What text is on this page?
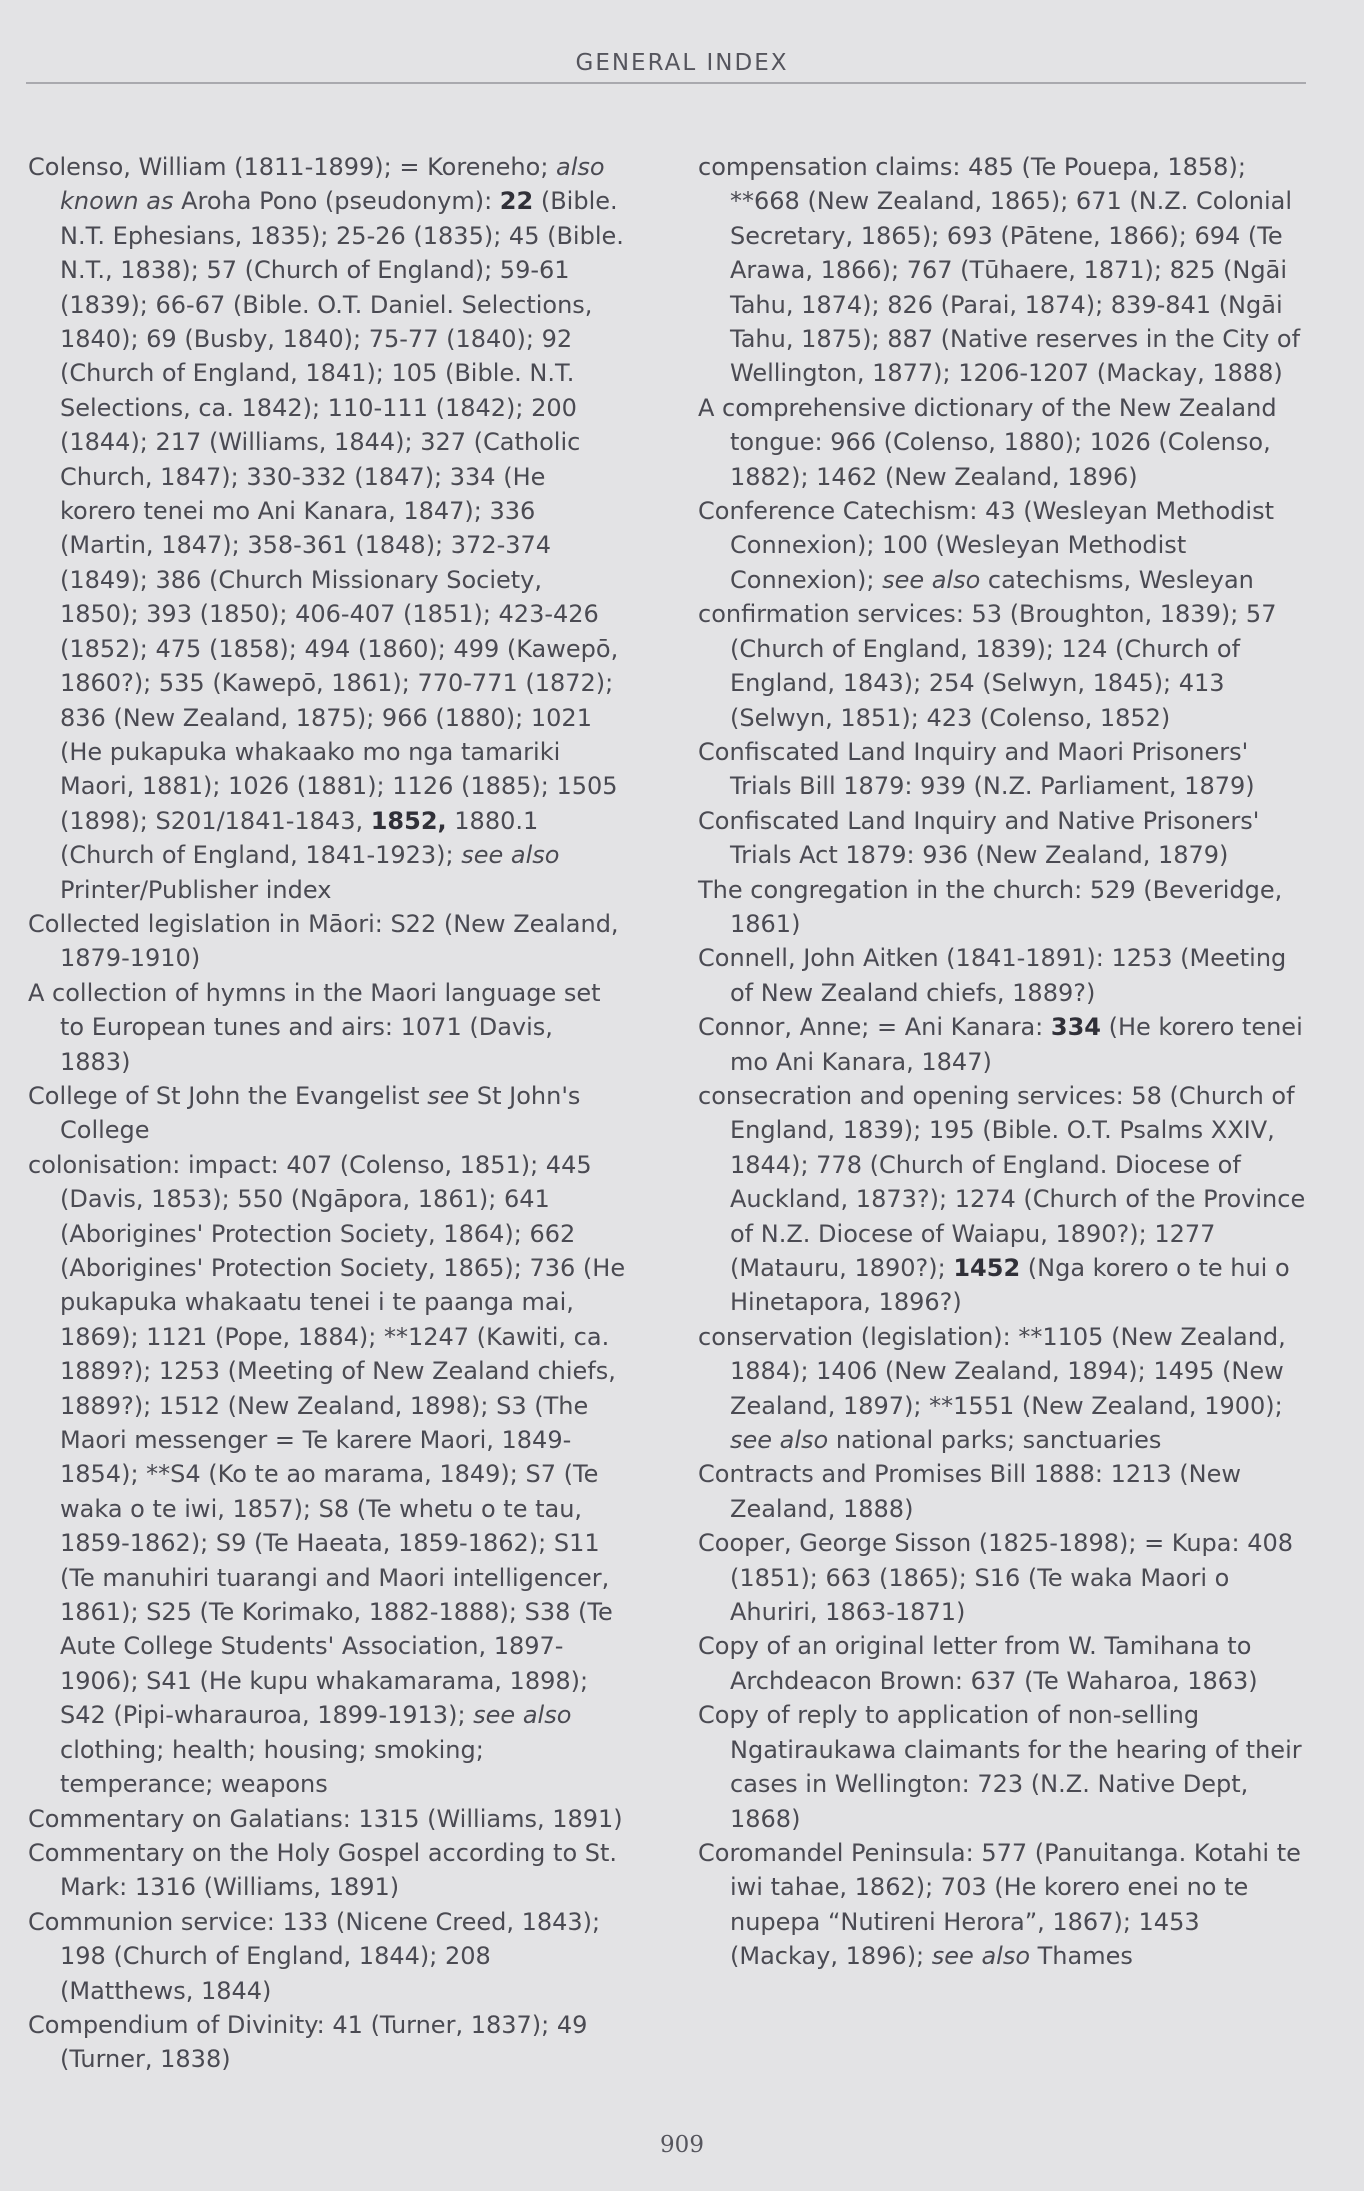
GENERAL INDEX

Colenso, William (1811-1899); = Koreneho; also known as Aroha Pono (pseudonym): 22 (Bible. N.T. Ephesians, 1835); 25-26 (1835); 45 (Bible. N.T., 1838); 57 (Church of England); 59-61 (1839); 66-67 (Bible. O.T. Daniel. Selections, 1840); 69 (Busby, 1840); 75-77 (1840); 92 (Church of England, 1841); 105 (Bible. N.T. Selections, ca. 1842); 110-111 (1842); 200 (1844); 217 (Williams, 1844); 327 (Catholic Church, 1847); 330-332 (1847); 334 (He korero tenei mo Ani Kanara, 1847); 336 (Martin, 1847); 358-361 (1848); 372-374 (1849); 386 (Church Missionary Society, 1850); 393 (1850); 406-407 (1851); 423-426 (1852); 475 (1858); 494 (1860); 499 (Kawepō, 1860?); 535 (Kawepō, 1861); 770-771 (1872); 836 (New Zealand, 1875); 966 (1880); 1021 (He pukapuka whakaako mo nga tamariki Maori, 1881); 1026 (1881); 1126 (1885); 1505 (1898); S201/1841-1843, 1852, 1880.1 (Church of England, 1841-1923); see also Printer/Publisher index

Collected legislation in Māori: S22 (New Zealand, 1879-1910)

A collection of hymns in the Maori language set to European tunes and airs: 1071 (Davis, 1883)

College of St John the Evangelist see St John's College

colonisation: impact: 407 (Colenso, 1851); 445 (Davis, 1853); 550 (Ngāpora, 1861); 641 (Aborigines' Protection Society, 1864); 662 (Aborigines' Protection Society, 1865); 736 (He pukapuka whakaatu tenei i te paanga mai, 1869); 1121 (Pope, 1884); **1247 (Kawiti, ca. 1889?); 1253 (Meeting of New Zealand chiefs, 1889?); 1512 (New Zealand, 1898); S3 (The Maori messenger = Te karere Maori, 1849-1854); **S4 (Ko te ao marama, 1849); S7 (Te waka o te iwi, 1857); S8 (Te whetu o te tau, 1859-1862); S9 (Te Haeata, 1859-1862); S11 (Te manuhiri tuarangi and Maori intelligencer, 1861); S25 (Te Korimako, 1882-1888); S38 (Te Aute College Students' Association, 1897-1906); S41 (He kupu whakamarama, 1898); S42 (Pipi-wharauroa, 1899-1913); see also clothing; health; housing; smoking; temperance; weapons

Commentary on Galatians: 1315 (Williams, 1891)

Commentary on the Holy Gospel according to St. Mark: 1316 (Williams, 1891)

Communion service: 133 (Nicene Creed, 1843); 198 (Church of England, 1844); 208 (Matthews, 1844)

Compendium of Divinity: 41 (Turner, 1837); 49 (Turner, 1838)

compensation claims: 485 (Te Pouepa, 1858); **668 (New Zealand, 1865); 671 (N.Z. Colonial Secretary, 1865); 693 (Pātene, 1866); 694 (Te Arawa, 1866); 767 (Tūhaere, 1871); 825 (Ngāi Tahu, 1874); 826 (Parai, 1874); 839-841 (Ngāi Tahu, 1875); 887 (Native reserves in the City of Wellington, 1877); 1206-1207 (Mackay, 1888)

A comprehensive dictionary of the New Zealand tongue: 966 (Colenso, 1880); 1026 (Colenso, 1882); 1462 (New Zealand, 1896)

Conference Catechism: 43 (Wesleyan Methodist Connexion); 100 (Wesleyan Methodist Connexion); see also catechisms, Wesleyan

confirmation services: 53 (Broughton, 1839); 57 (Church of England, 1839); 124 (Church of England, 1843); 254 (Selwyn, 1845); 413 (Selwyn, 1851); 423 (Colenso, 1852)

Confiscated Land Inquiry and Maori Prisoners' Trials Bill 1879: 939 (N.Z. Parliament, 1879)

Confiscated Land Inquiry and Native Prisoners' Trials Act 1879: 936 (New Zealand, 1879)

The congregation in the church: 529 (Beveridge, 1861)

Connell, John Aitken (1841-1891): 1253 (Meeting of New Zealand chiefs, 1889?)

Connor, Anne; = Ani Kanara: 334 (He korero tenei mo Ani Kanara, 1847)

consecration and opening services: 58 (Church of England, 1839); 195 (Bible. O.T. Psalms XXIV, 1844); 778 (Church of England. Diocese of Auckland, 1873?); 1274 (Church of the Province of N.Z. Diocese of Waiapu, 1890?); 1277 (Matauru, 1890?); 1452 (Nga korero o te hui o Hinetapora, 1896?)

conservation (legislation): **1105 (New Zealand, 1884); 1406 (New Zealand, 1894); 1495 (New Zealand, 1897); **1551 (New Zealand, 1900); see also national parks; sanctuaries

Contracts and Promises Bill 1888: 1213 (New Zealand, 1888)

Cooper, George Sisson (1825-1898); = Kupa: 408 (1851); 663 (1865); S16 (Te waka Maori o Ahuriri, 1863-1871)

Copy of an original letter from W. Tamihana to Archdeacon Brown: 637 (Te Waharoa, 1863)

Copy of reply to application of non-selling Ngatiraukawa claimants for the hearing of their cases in Wellington: 723 (N.Z. Native Dept, 1868)

Coromandel Peninsula: 577 (Panuitanga. Kotahi te iwi tahae, 1862); 703 (He korero enei no te nupepa “Nutireni Herora”, 1867); 1453 (Mackay, 1896); see also Thames

909
